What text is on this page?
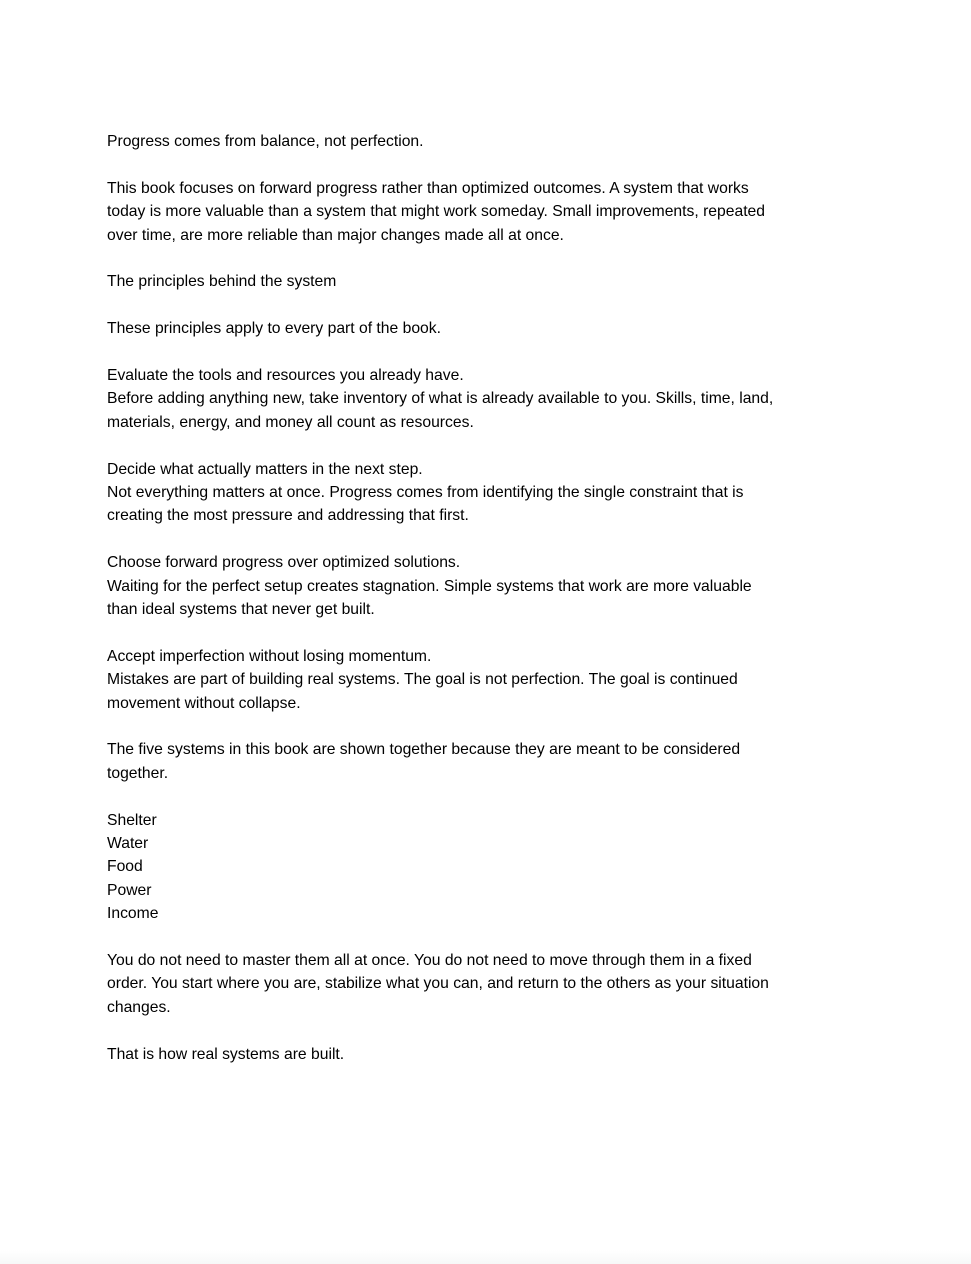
Progress comes from balance, not perfection.
This book focuses on forward progress rather than optimized outcomes. A system that works
today is more valuable than a system that might work someday. Small improvements, repeated
over time, are more reliable than major changes made all at once.
The principles behind the system
These principles apply to every part of the book.
Evaluate the tools and resources you already have.
Before adding anything new, take inventory of what is already available to you. Skills, time, land,
materials, energy, and money all count as resources.
Decide what actually matters in the next step.
Not everything matters at once. Progress comes from identifying the single constraint that is
creating the most pressure and addressing that first.
Choose forward progress over optimized solutions.
Waiting for the perfect setup creates stagnation. Simple systems that work are more valuable
than ideal systems that never get built.
Accept imperfection without losing momentum.
Mistakes are part of building real systems. The goal is not perfection. The goal is continued
movement without collapse.
The five systems in this book are shown together because they are meant to be considered
together.
Shelter
Water
Food
Power
Income
You do not need to master them all at once. You do not need to move through them in a fixed
order. You start where you are, stabilize what you can, and return to the others as your situation
changes.
That is how real systems are built.
